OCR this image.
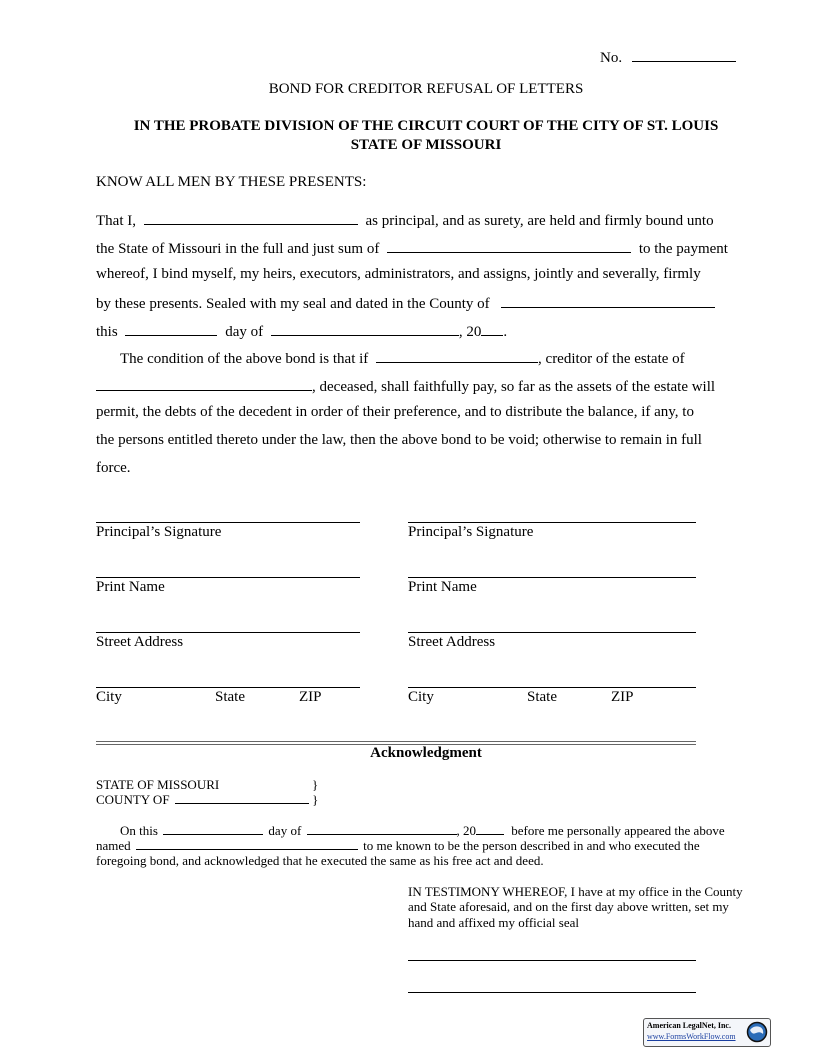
No.
BOND FOR CREDITOR REFUSAL OF LETTERS
IN THE PROBATE DIVISION OF THE CIRCUIT COURT OF THE CITY OF ST. LOUIS
STATE OF MISSOURI
KNOW ALL MEN BY THESE PRESENTS:
That I,	as principal, and as surety, are held and firmly bound unto
the State of Missouri in the full and just sum of	to the payment
whereof, I bind myself, my heirs, executors, administrators, and assigns, jointly and severally, firmly
by these presents. Sealed with my seal and dated in the County of
this	day of	, 20 .
The condition of the above bond is that if	, creditor of the estate of
, deceased, shall faithfully pay, so far as the assets of the estate will
permit, the debts of the decedent in order of their preference, and to distribute the balance, if any, to
the persons entitled thereto under the law, then the above bond to be void; otherwise to remain in full
force.
Principal’s Signature
Print Name
Street Address
City	State	ZIP
Principal’s Signature
Print Name
Street Address
City	State	ZIP
Acknowledgment
STATE OF MISSOURI	}
COUNTY OF	}
On this	day of	, 20	before me personally appeared the above
named	to me known to be the person described in and who executed the
foregoing bond, and acknowledged that he executed the same as his free act and deed.
IN TESTIMONY WHEREOF, I have at my office in the County
and State aforesaid, and on the first day above written, set my
hand and affixed my official seal
American LegalNet, Inc.
www.FormsWorkFlow.com
